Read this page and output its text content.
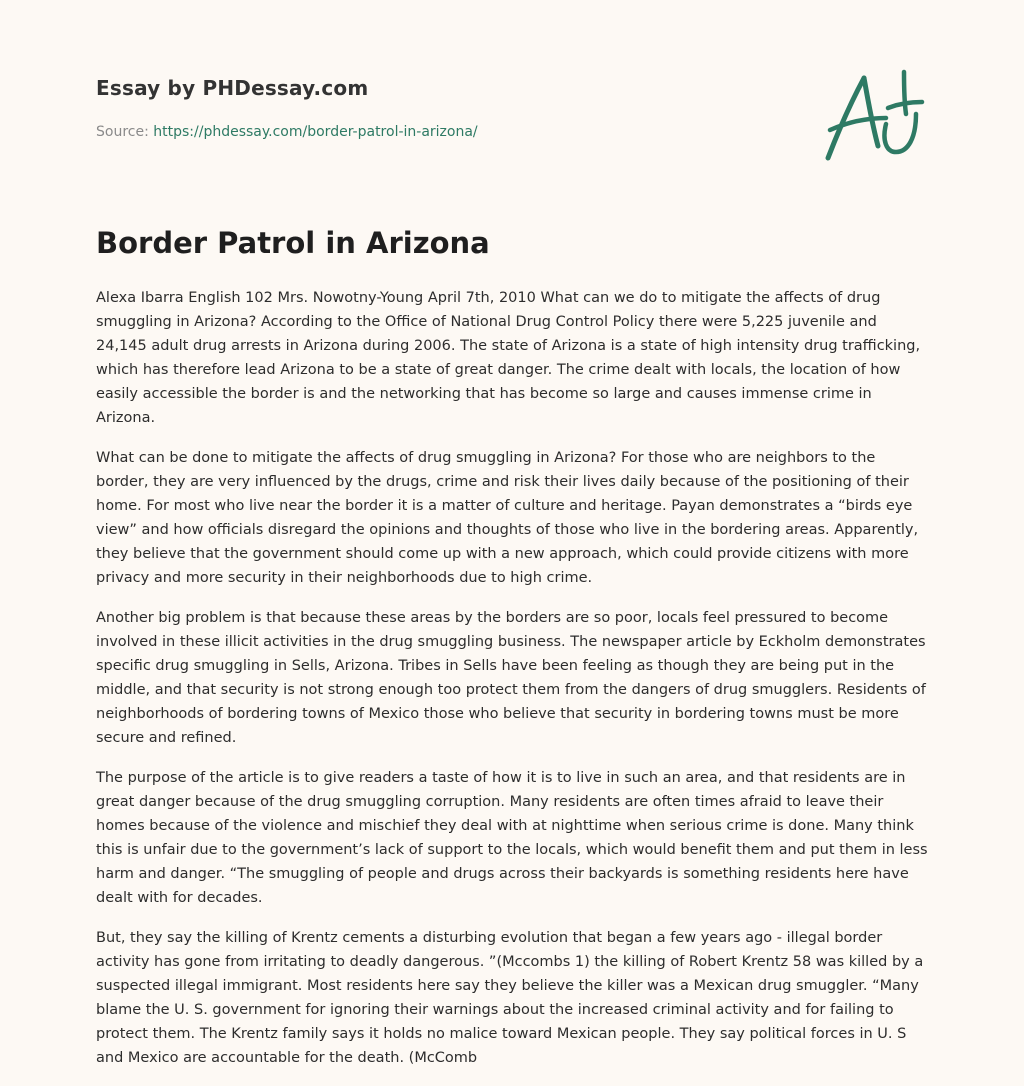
Essay by PHDessay.com
Source: https://phdessay.com/border-patrol-in-arizona/
Border Patrol in Arizona

Alexa Ibarra English 102 Mrs. Nowotny-Young April 7th, 2010 What can we do to mitigate the affects of drug smuggling in Arizona? According to the Office of National Drug Control Policy there were 5,225 juvenile and 24,145 adult drug arrests in Arizona during 2006. The state of Arizona is a state of high intensity drug trafficking, which has therefore lead Arizona to be a state of great danger. The crime dealt with locals, the location of how easily accessible the border is and the networking that has become so large and causes immense crime in Arizona.

What can be done to mitigate the affects of drug smuggling in Arizona? For those who are neighbors to the border, they are very influenced by the drugs, crime and risk their lives daily because of the positioning of their home. For most who live near the border it is a matter of culture and heritage. Payan demonstrates a “birds eye view” and how officials disregard the opinions and thoughts of those who live in the bordering areas. Apparently, they believe that the government should come up with a new approach, which could provide citizens with more privacy and more security in their neighborhoods due to high crime.

Another big problem is that because these areas by the borders are so poor, locals feel pressured to become involved in these illicit activities in the drug smuggling business. The newspaper article by Eckholm demonstrates specific drug smuggling in Sells, Arizona. Tribes in Sells have been feeling as though they are being put in the middle, and that security is not strong enough too protect them from the dangers of drug smugglers. Residents of neighborhoods of bordering towns of Mexico those who believe that security in bordering towns must be more secure and refined.

The purpose of the article is to give readers a taste of how it is to live in such an area, and that residents are in great danger because of the drug smuggling corruption. Many residents are often times afraid to leave their homes because of the violence and mischief they deal with at nighttime when serious crime is done. Many think this is unfair due to the government’s lack of support to the locals, which would benefit them and put them in less harm and danger. “The smuggling of people and drugs across their backyards is something residents here have dealt with for decades.

But, they say the killing of Krentz cements a disturbing evolution that began a few years ago - illegal border activity has gone from irritating to deadly dangerous. ”(Mccombs 1) the killing of Robert Krentz 58 was killed by a suspected illegal immigrant. Most residents here say they believe the killer was a Mexican drug smuggler. “Many blame the U. S. government for ignoring their warnings about the increased criminal activity and for failing to protect them. The Krentz family says it holds no malice toward Mexican people. They say political forces in U. S and Mexico are accountable for the death. (McComb
